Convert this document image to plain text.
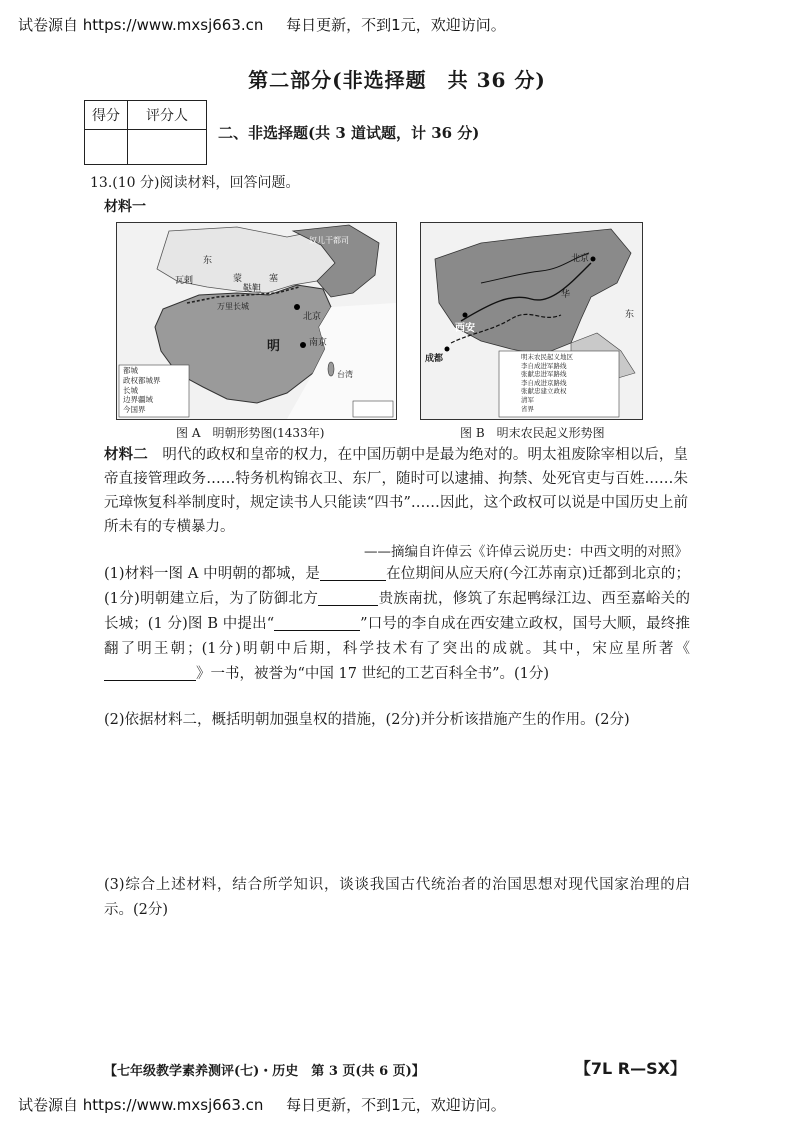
试卷源自 https://www.mxsj663.cn 每日更新，不到1元，欢迎访问。
第二部分(非选择题　共 36 分)
得分	评分人

二、非选择题(共 3 道试题，计 36 分)
13.(10 分)阅读材料，回答问题。
材料一
东
蒙
瓦剌
鞑靼
塞
明
北京
南京
奴儿干都司
台湾
万里长城
都城
政权都城界
长城
边界疆域
今国界
西安
北京
成都
华
东
明末农民起义地区
李自成进军路线
张献忠进军路线
李自成进京路线
张献忠建立政权
清军
省界
图 A　明朝形势图(1433年)	图 B　明末农民起义形势图
材料二　明代的政权和皇帝的权力，在中国历朝中是最为绝对的。明太祖废除宰相以后，皇帝直接管理政务……特务机构锦衣卫、东厂，随时可以逮捕、拘禁、处死官吏与百姓……朱元璋恢复科举制度时，规定读书人只能读“四书”……因此，这个政权可以说是中国历史上前所未有的专横暴力。
——摘编自许倬云《许倬云说历史：中西文明的对照》
(1)材料一图 A 中明朝的都城，是	在位期间从应天府(今江苏南京)迁都到北京的；(1分)明朝建立后，为了防御北方	贵族南扰，修筑了东起鸭绿江边、西至嘉峪关的长城；(1 分)图 B 中提出“	”口号的李自成在西安建立政权，国号大顺，最终推翻了明王朝；(1分)明朝中后期，科学技术有了突出的成就。其中，宋应星所著《》一书，被誉为“中国 17 世纪的工艺百科全书”。(1分)
(2)依据材料二，概括明朝加强皇权的措施，(2分)并分析该措施产生的作用。(2分)
(3)综合上述材料，结合所学知识，谈谈我国古代统治者的治国思想对现代国家治理的启示。(2分)
【七年级教学素养测评(七)・历史　第 3 页(共 6 页)】	【7L R—SX】
试卷源自 https://www.mxsj663.cn 每日更新，不到1元，欢迎访问。
